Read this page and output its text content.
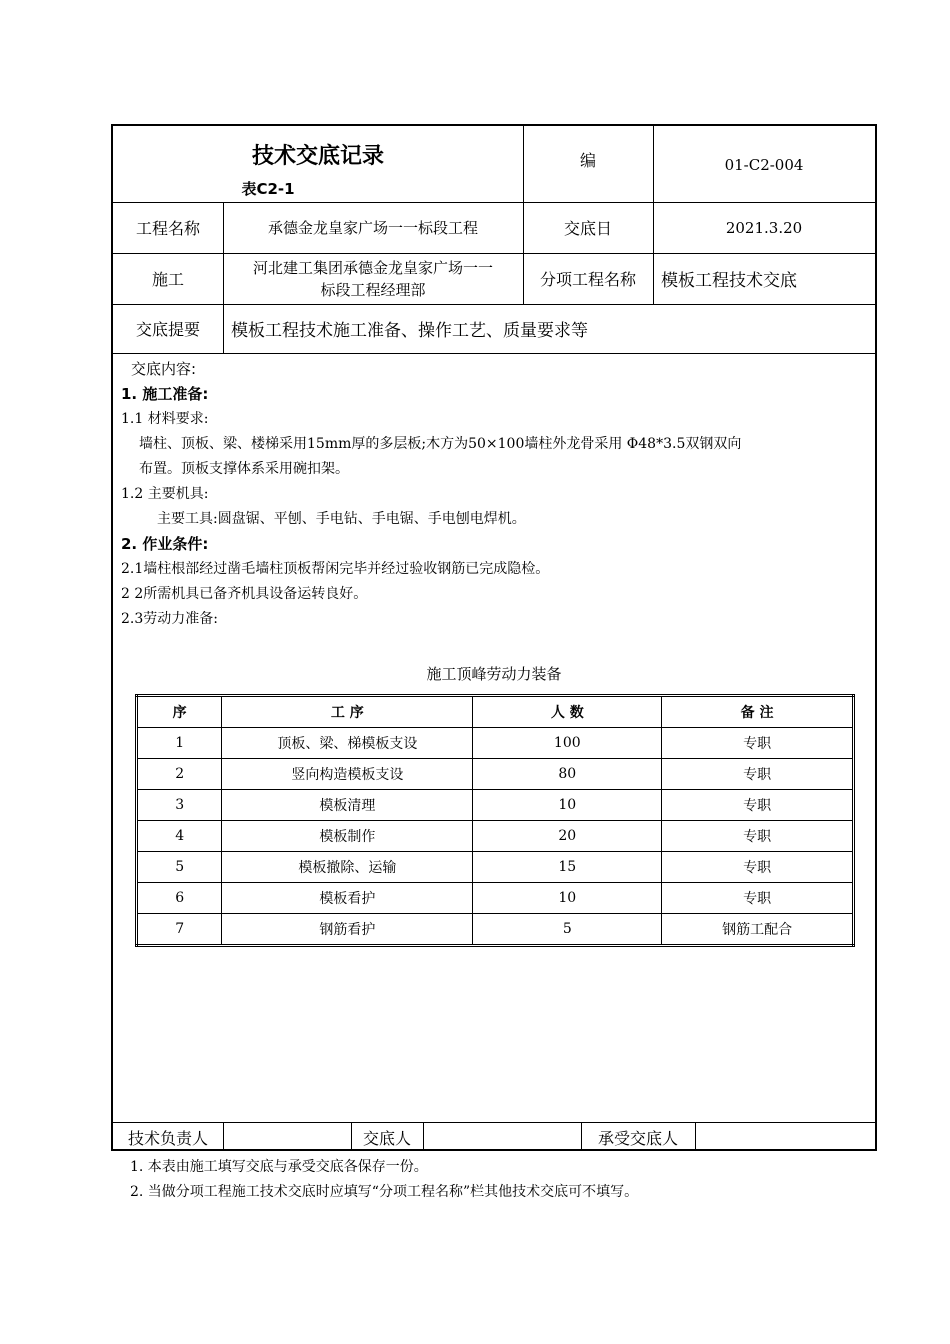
技术交底记录
表C2-1
编	01-C2-004
工程名称	承德金龙皇家广场一一标段工程	交底日	2021.3.20
施工
河北建工集团承德金龙皇家广场一一
标段工程经理部
分项工程名称	模板工程技术交底
交底提要	模板工程技术施工准备、操作工艺、质量要求等
交底内容:
1. 施工准备:
1.1 材料要求:
墙柱、顶板、梁、楼梯采用15mm厚的多层板;木方为50×100墙柱外龙骨采用 Φ48*3.5双钢双向
布置。顶板支撑体系采用碗扣架。
1.2 主要机具:
主要工具:圆盘锯、平刨、手电钻、手电锯、手电刨电焊机。
2. 作业条件:
2.1墙柱根部经过凿毛墙柱顶板帮闲完毕并经过验收钢筋已完成隐检。
2 2所需机具已备齐机具设备运转良好。
2.3劳动力准备:
施工顶峰劳动力装备
序	工 序	人 数	备 注
1	顶板、梁、梯模板支设	100	专职
2	竖向构造模板支设	80	专职
3	模板清理	10	专职
4	模板制作	20	专职
5	模板撤除、运输	15	专职
6	模板看护	10	专职
7	钢筋看护	5	钢筋工配合
技术负责人	交底人	承受交底人
1. 本表由施工填写交底与承受交底各保存一份。
2. 当做分项工程施工技术交底时应填写“分项工程名称”栏其他技术交底可不填写。
